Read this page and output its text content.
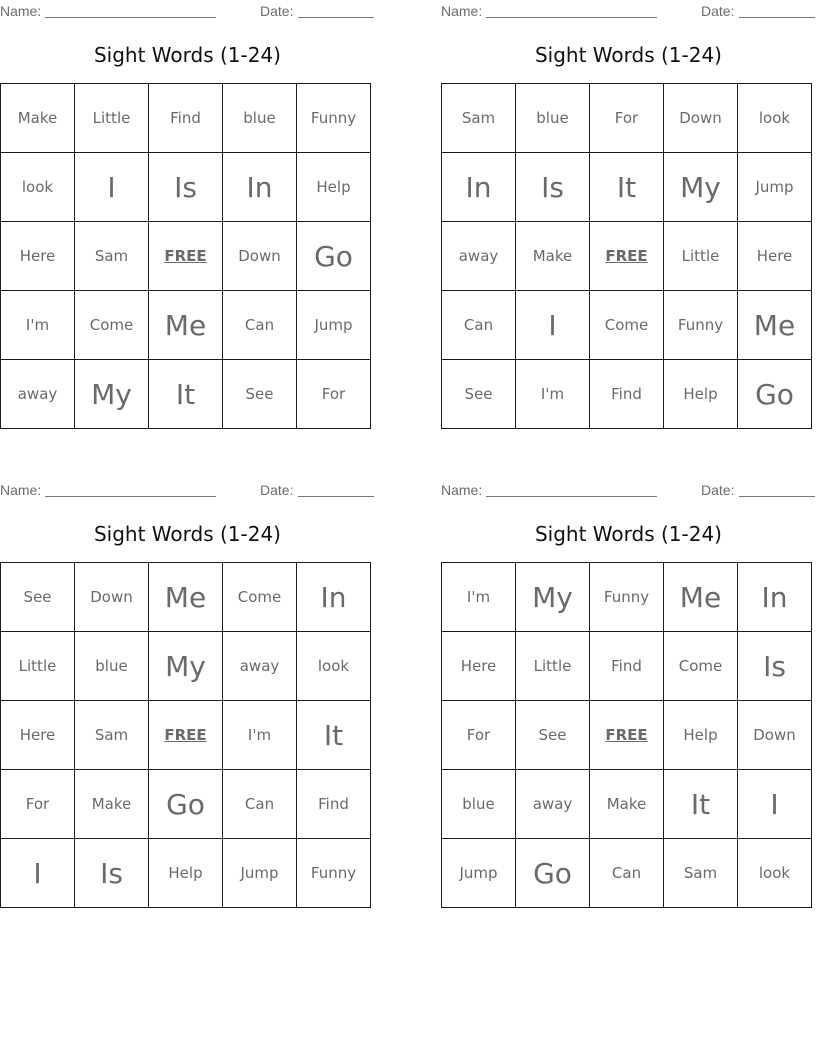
Name:	Date:
Sight Words (1-24)
Make	Little	Find	blue	Funny
look	I	Is	In	Help
Here	Sam	FREE	Down	Go
I'm	Come	Me	Can	Jump
away	My	It	See	For
Name:	Date:
Sight Words (1-24)
Sam	blue	For	Down	look
In	Is	It	My	Jump
away	Make	FREE	Little	Here
Can	I	Come	Funny	Me
See	I'm	Find	Help	Go
Name:	Date:
Sight Words (1-24)
See	Down	Me	Come	In
Little	blue	My	away	look
Here	Sam	FREE	I'm	It
For	Make	Go	Can	Find
I	Is	Help	Jump	Funny
Name:	Date:
Sight Words (1-24)
I'm	My	Funny	Me	In
Here	Little	Find	Come	Is
For	See	FREE	Help	Down
blue	away	Make	It	I
Jump	Go	Can	Sam	look
